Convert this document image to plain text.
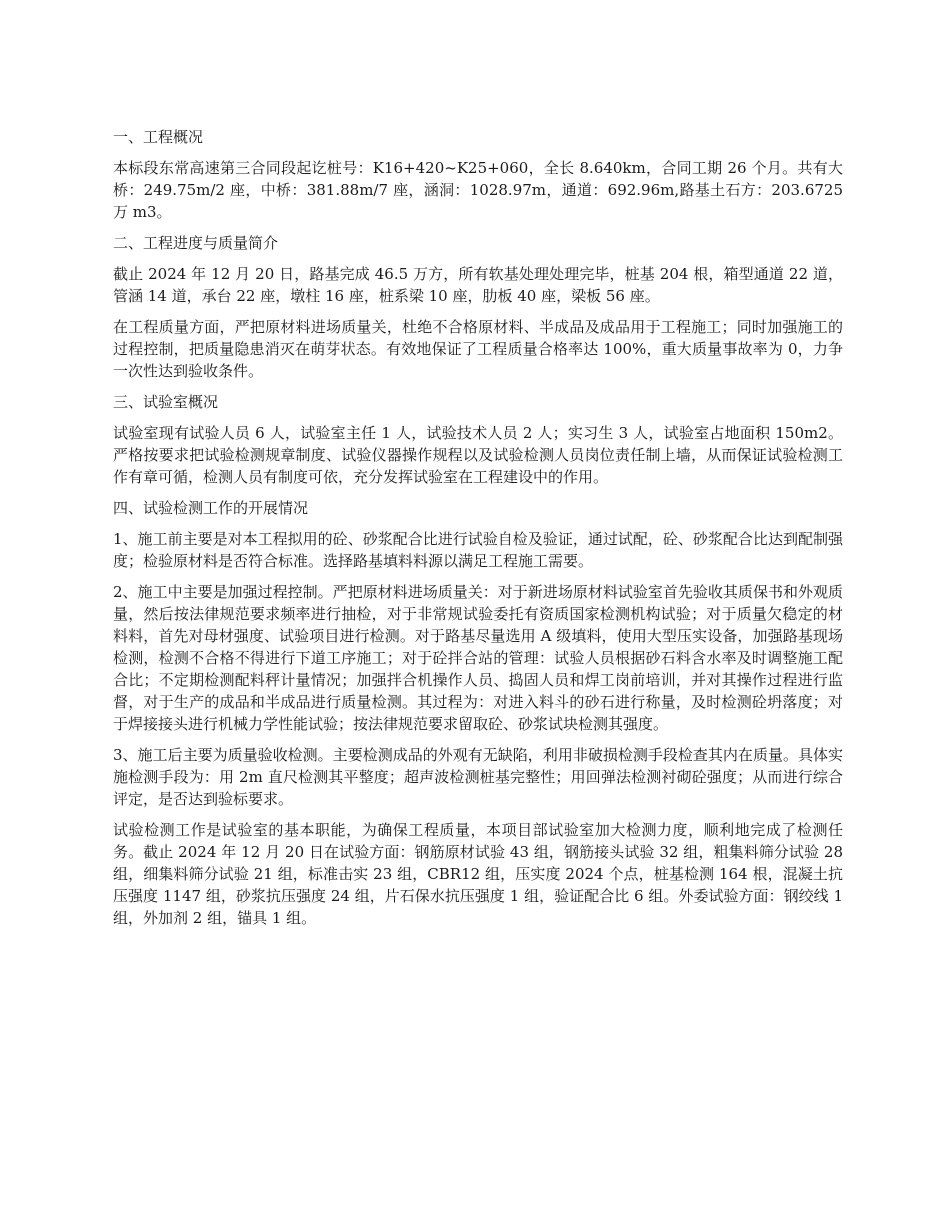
一、工程概况
本标段东常高速第三合同段起讫桩号：K16+420~K25+060，全长 8.640km，合同工期 26 个月。共有大桥：249.75m/2 座，中桥：381.88m/7 座，涵洞：1028.97m，通道：692.96m,路基土石方：203.6725 万 m3。
二、工程进度与质量简介
截止 2024 年 12 月 20 日，路基完成 46.5 万方，所有软基处理处理完毕，桩基 204 根，箱型通道 22 道，管涵 14 道，承台 22 座，墩柱 16 座，桩系梁 10 座，肋板 40 座，梁板 56 座。
在工程质量方面，严把原材料进场质量关，杜绝不合格原材料、半成品及成品用于工程施工；同时加强施工的过程控制，把质量隐患消灭在萌芽状态。有效地保证了工程质量合格率达 100%，重大质量事故率为 0，力争一次性达到验收条件。
三、试验室概况
试验室现有试验人员 6 人，试验室主任 1 人，试验技术人员 2 人；实习生 3 人，试验室占地面积 150m2。严格按要求把试验检测规章制度、试验仪器操作规程以及试验检测人员岗位责任制上墙，从而保证试验检测工作有章可循，检测人员有制度可依，充分发挥试验室在工程建设中的作用。
四、试验检测工作的开展情况
1、施工前主要是对本工程拟用的砼、砂浆配合比进行试验自检及验证，通过试配，砼、砂浆配合比达到配制强度；检验原材料是否符合标准。选择路基填料料源以满足工程施工需要。
2、施工中主要是加强过程控制。严把原材料进场质量关：对于新进场原材料试验室首先验收其质保书和外观质量，然后按法律规范要求频率进行抽检，对于非常规试验委托有资质国家检测机构试验；对于质量欠稳定的材料料，首先对母材强度、试验项目进行检测。对于路基尽量选用 A 级填料，使用大型压实设备，加强路基现场检测，检测不合格不得进行下道工序施工；对于砼拌合站的管理：试验人员根据砂石料含水率及时调整施工配合比；不定期检测配料秤计量情况；加强拌合机操作人员、捣固人员和焊工岗前培训，并对其操作过程进行监督，对于生产的成品和半成品进行质量检测。其过程为：对进入料斗的砂石进行称量，及时检测砼坍落度；对于焊接接头进行机械力学性能试验；按法律规范要求留取砼、砂浆试块检测其强度。
3、施工后主要为质量验收检测。主要检测成品的外观有无缺陷，利用非破损检测手段检查其内在质量。具体实施检测手段为：用 2m 直尺检测其平整度；超声波检测桩基完整性；用回弹法检测衬砌砼强度；从而进行综合评定，是否达到验标要求。
试验检测工作是试验室的基本职能，为确保工程质量，本项目部试验室加大检测力度，顺利地完成了检测任务。截止 2024 年 12 月 20 日在试验方面：钢筋原材试验 43 组，钢筋接头试验 32 组，粗集料筛分试验 28 组，细集料筛分试验 21 组，标准击实 23 组，CBR12 组，压实度 2024 个点，桩基检测 164 根，混凝土抗压强度 1147 组，砂浆抗压强度 24 组，片石保水抗压强度 1 组，验证配合比 6 组。外委试验方面：钢绞线 1 组，外加剂 2 组，锚具 1 组。
